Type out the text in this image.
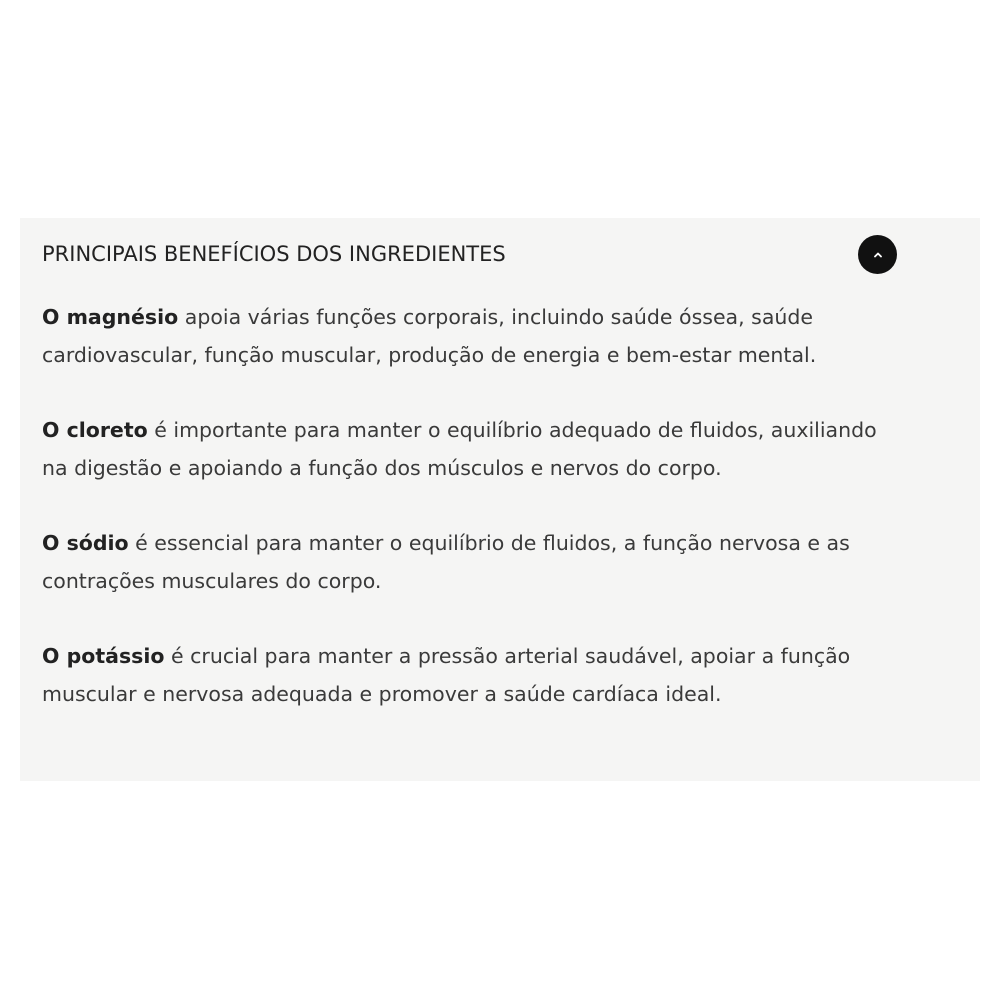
PRINCIPAIS BENEFÍCIOS DOS INGREDIENTES

O magnésio apoia várias funções corporais, incluindo saúde óssea, saúde cardiovascular, função muscular, produção de energia e bem-estar mental.

O cloreto é importante para manter o equilíbrio adequado de fluidos, auxiliando na digestão e apoiando a função dos músculos e nervos do corpo.

O sódio é essencial para manter o equilíbrio de fluidos, a função nervosa e as contrações musculares do corpo.

O potássio é crucial para manter a pressão arterial saudável, apoiar a função muscular e nervosa adequada e promover a saúde cardíaca ideal.
